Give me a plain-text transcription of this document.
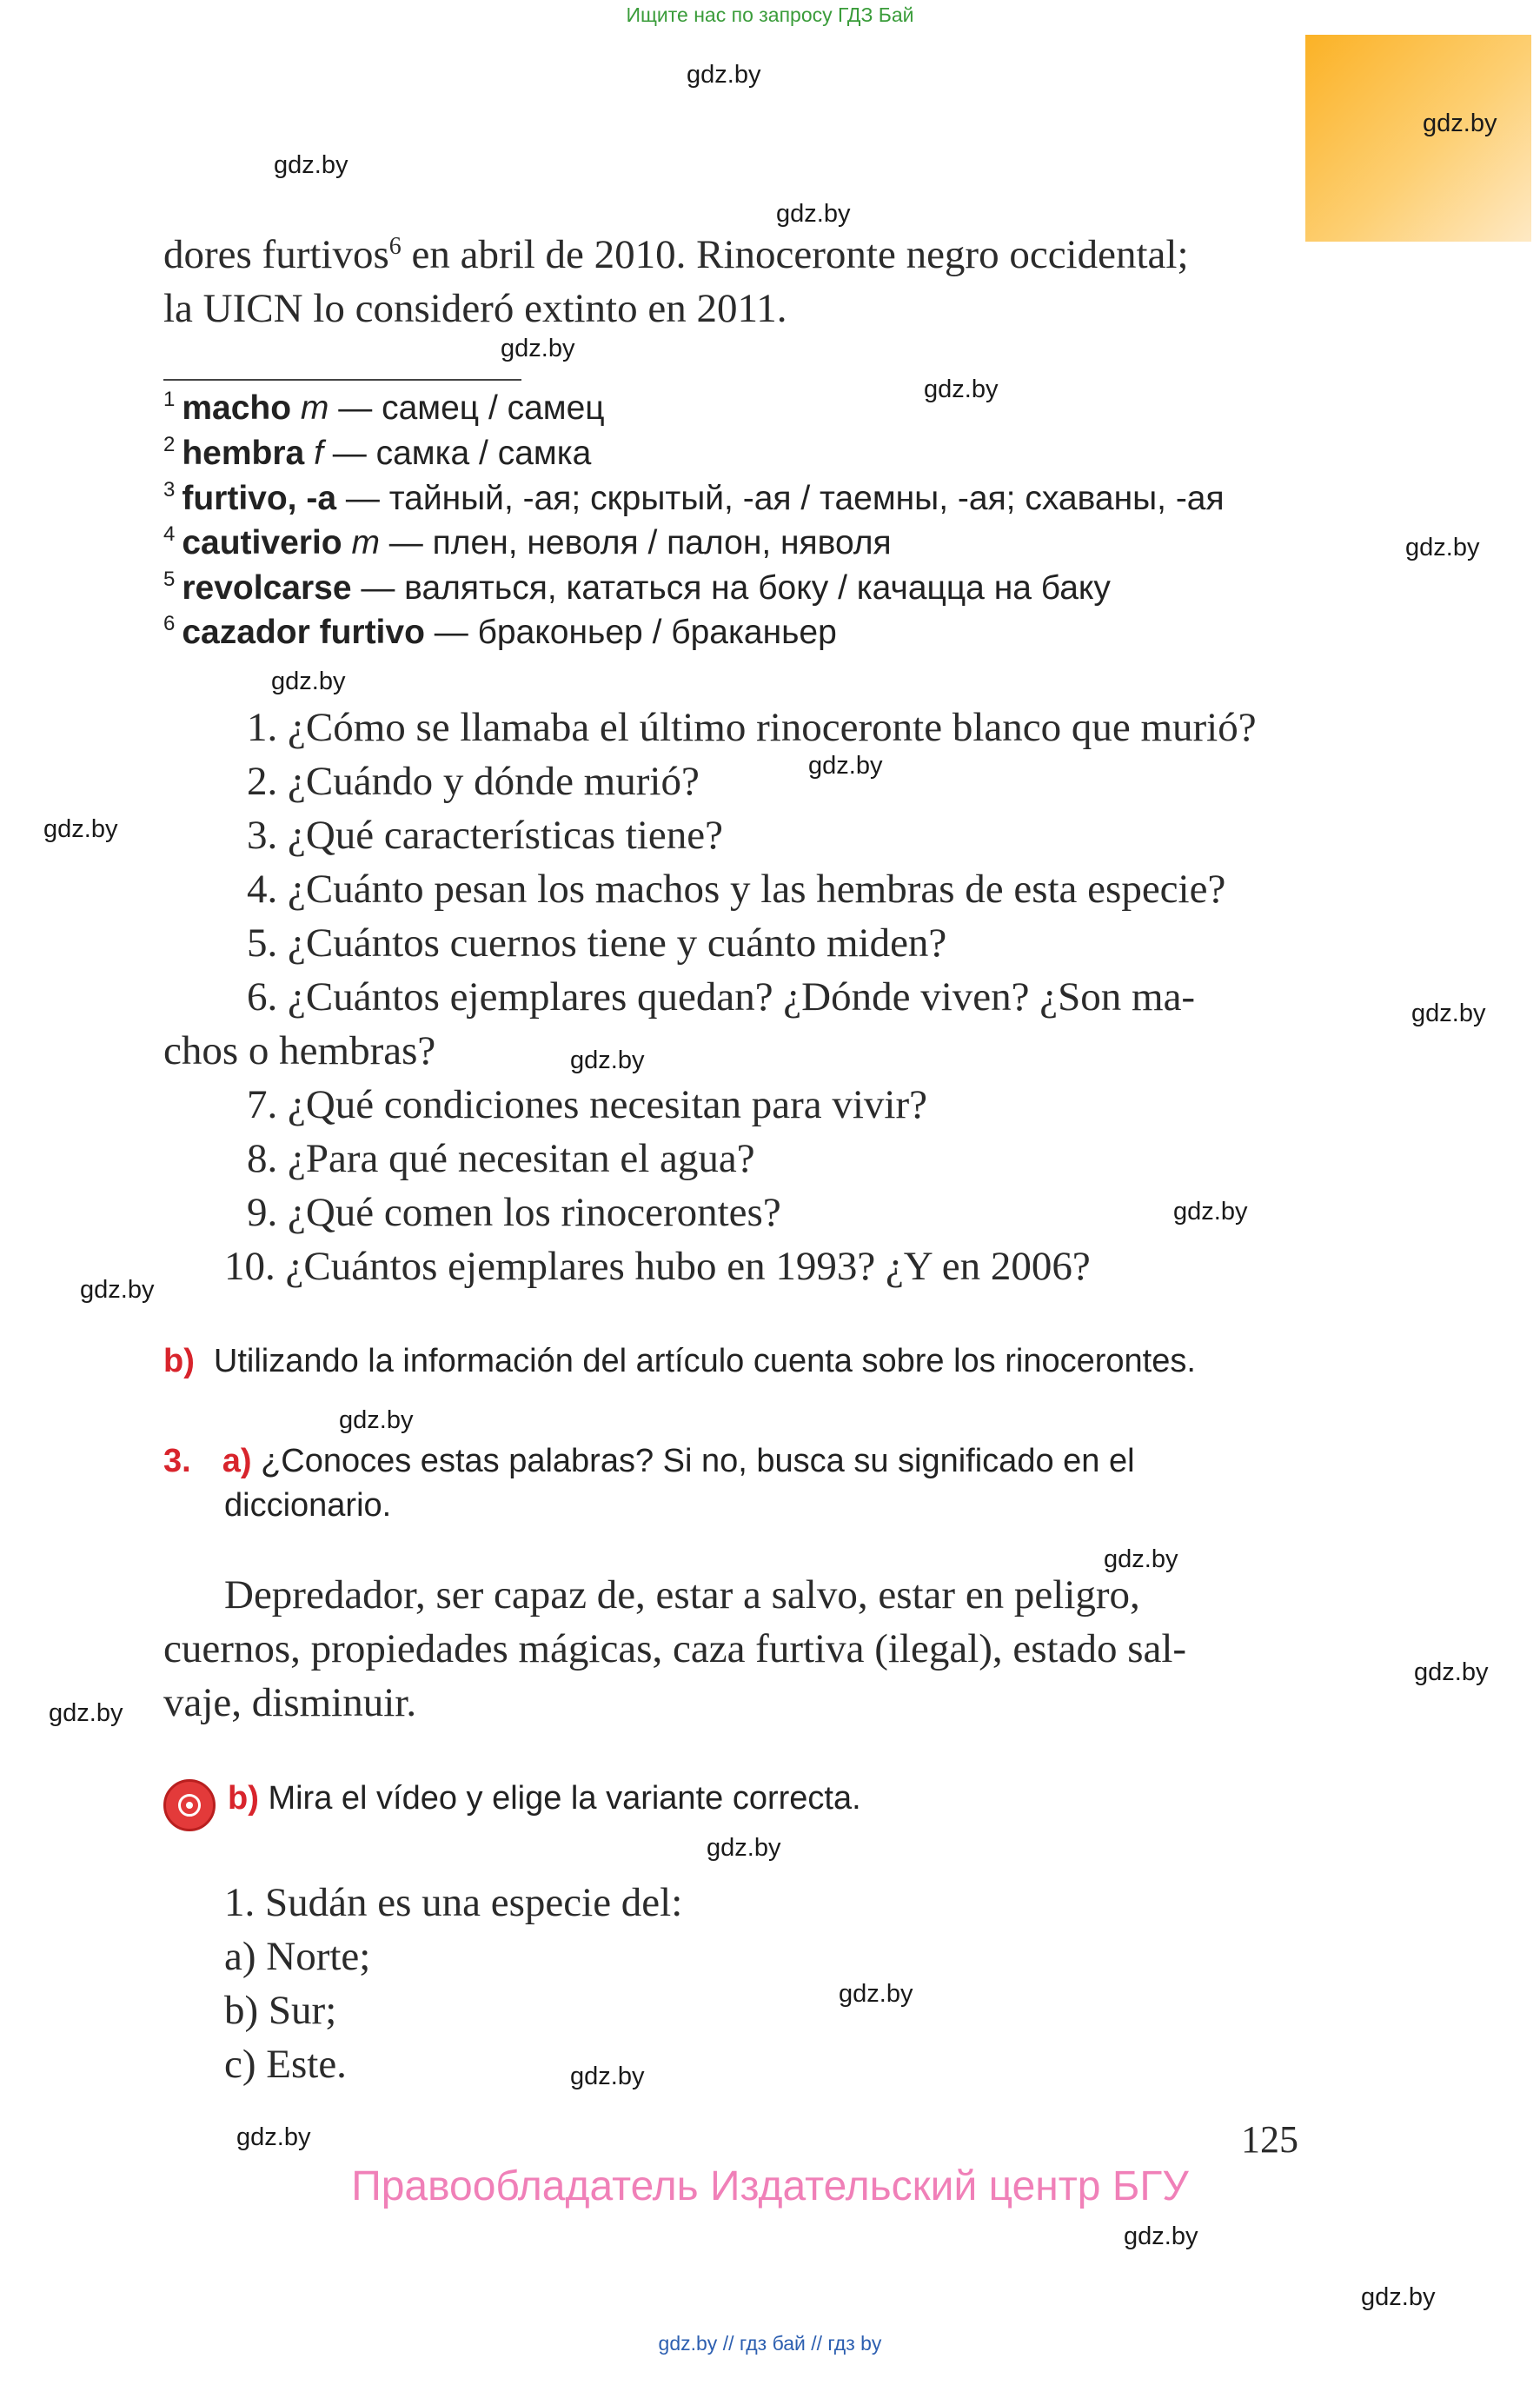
Ищите нас по запросу ГДЗ Бай
gdz.by
gdz.by
gdz.by
gdz.by
gdz.by
gdz.by
gdz.by
gdz.by
gdz.by
gdz.by
gdz.by
gdz.by
gdz.by
gdz.by
gdz.by
gdz.by
gdz.by
gdz.by
gdz.by
gdz.by
gdz.by
gdz.by
gdz.by
gdz.by
dores furtivos$^6$ en abril de 2010. Rinoceronte negro occidental;
la UICN lo consideró extinto en 2011.
$^1$ macho m — самец / самец
$^2$ hembra f — самка / самка
$^3$ furtivo, -a — тайный, -ая; скрытый, -ая / таемны, -ая; схаваны, -ая
$^4$ cautiverio m — плен, неволя / палон, няволя
$^5$ revolcarse — валяться, кататься на боку / качацца на баку
$^6$ cazador furtivo — браконьер / браканьер
1. ¿Cómo se llamaba el último rinoceronte blanco que murió?
2. ¿Cuándo y dónde murió?
3. ¿Qué características tiene?
4. ¿Cuánto pesan los machos y las hembras de esta especie?
5. ¿Cuántos cuernos tiene y cuánto miden?
6. ¿Cuántos ejemplares quedan? ¿Dónde viven? ¿Son ma-
chos o hembras?
7. ¿Qué condiciones necesitan para vivir?
8. ¿Para qué necesitan el agua?
9. ¿Qué comen los rinocerontes?
10. ¿Cuántos ejemplares hubo en 1993? ¿Y en 2006?
b) Utilizando la información del artículo cuenta sobre los rinocerontes.
3. a) ¿Conoces estas palabras? Si no, busca su significado en el
diccionario.
Depredador, ser capaz de, estar a salvo, estar en peligro,
cuernos, propiedades mágicas, caza furtiva (ilegal), estado sal-
vaje, disminuir.
b) Mira el vídeo y elige la variante correcta.
1. Sudán es una especie del:
a) Norte;
b) Sur;
c) Este.
125
Правообладатель Издательский центр БГУ
gdz.by // гдз бай // гдз by
